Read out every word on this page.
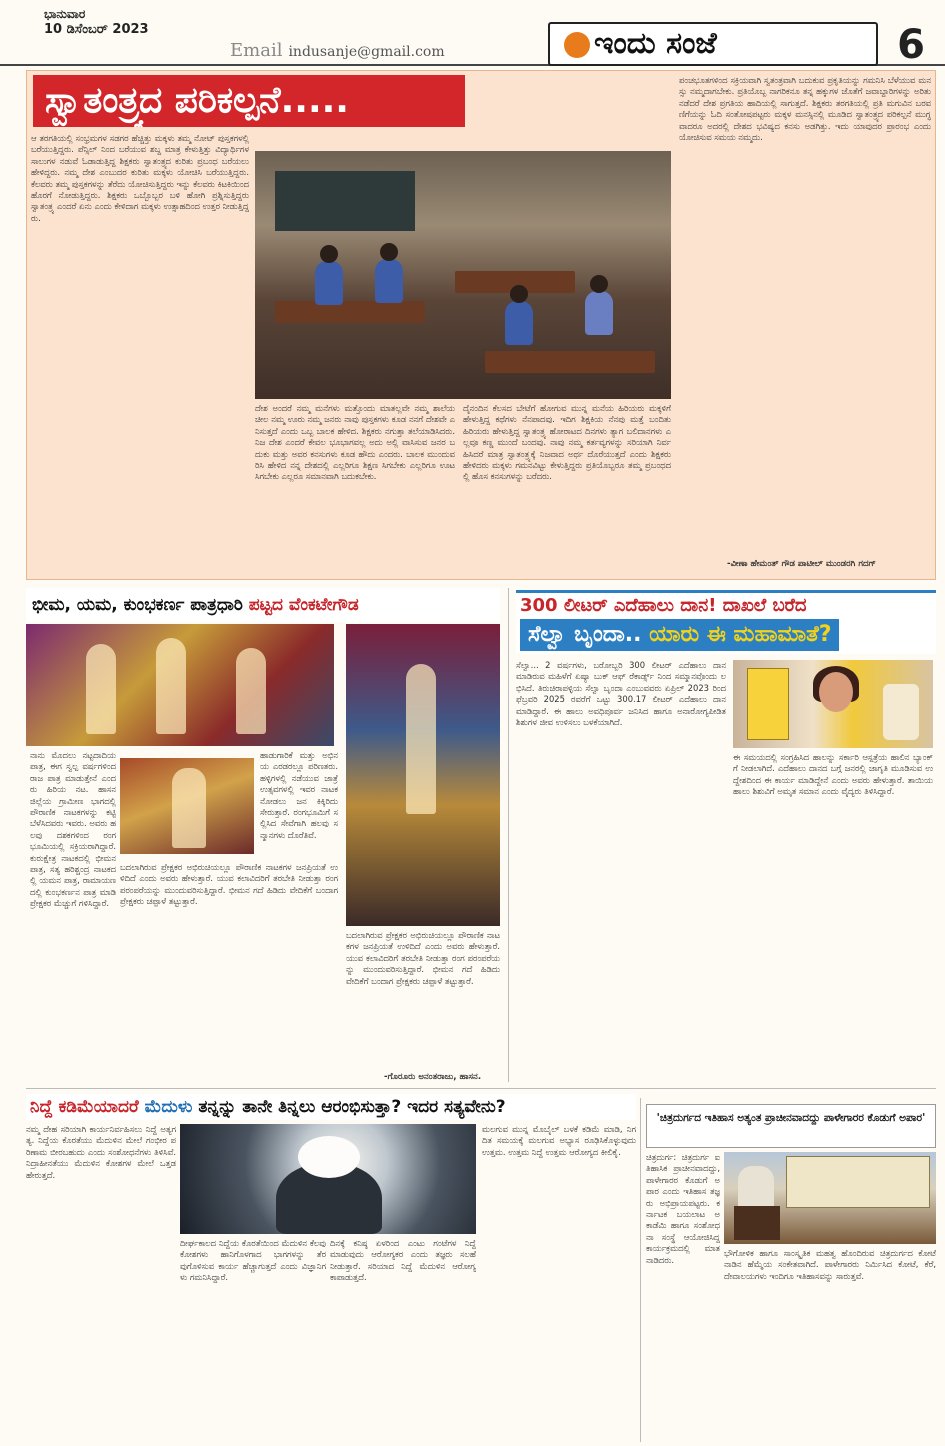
ಭಾನುವಾರ
10 ಡಿಸೆಂಬರ್ 2023
Email indusanje@gmail.com	ಇಂದು ಸಂಜೆ	6
ಸ್ವಾತಂತ್ರ್ಯದ ಪರಿಕಲ್ಪನೆ.....
ಆ ತರಗತಿಯಲ್ಲಿ ಸಂಭ್ರಮಗಳ ಸಡಗರ ಹೆಚ್ಚಿತ್ತು ಮಕ್ಕಳು ತಮ್ಮ ನೋಟ್ ಪುಸ್ತಕಗಳಲ್ಲಿ ಬರೆಯುತ್ತಿದ್ದರು. ಪೆನ್ಸಿಲ್ ನಿಂದ ಬರೆಯುವ ಶಬ್ದ ಮಾತ್ರ ಕೇಳುತ್ತಿತ್ತು ವಿದ್ಯಾರ್ಥಿಗಳ ಸಾಲುಗಳ ನಡುವೆ ಓಡಾಡುತ್ತಿದ್ದ ಶಿಕ್ಷಕರು ಸ್ವಾತಂತ್ರ್ಯದ ಕುರಿತು ಪ್ರಬಂಧ ಬರೆಯಲು ಹೇಳಿದ್ದರು. ನಮ್ಮ ದೇಶ ಎಂಬುದರ ಕುರಿತು ಮಕ್ಕಳು ಯೋಚಿಸಿ ಬರೆಯುತ್ತಿದ್ದರು. ಕೆಲವರು ತಮ್ಮ ಪುಸ್ತಕಗಳನ್ನು ತೆರೆದು ಯೋಚಿಸುತ್ತಿದ್ದರು ಇನ್ನು ಕೆಲವರು ಕಿಟಕಿಯಿಂದ ಹೊರಗೆ ನೋಡುತ್ತಿದ್ದರು. ಶಿಕ್ಷಕರು ಒಬ್ಬೊಬ್ಬರ ಬಳಿ ಹೋಗಿ ಪ್ರಶ್ನಿಸುತ್ತಿದ್ದರು ಸ್ವಾತಂತ್ರ್ಯ ಎಂದರೆ ಏನು ಎಂದು ಕೇಳಿದಾಗ ಮಕ್ಕಳು ಉತ್ಸಾಹದಿಂದ ಉತ್ತರ ನೀಡುತ್ತಿದ್ದರು.
ದೇಶ ಅಂದರೆ ನಮ್ಮ ಮನೆಗಳು ಮತ್ತೊಂದು ಮಾತಲ್ಲವೇ ನಮ್ಮ ಶಾಲೆಯ ಚೀಲ ನಮ್ಮ ಊರು ನಮ್ಮ ಜನರು ನಾವು ಪುಸ್ತಕಗಳು ಕೂಡ ನನಗೆ ದೇಶವೇ ಎನಿಸುತ್ತದೆ ಎಂದು ಒಬ್ಬ ಬಾಲಕ ಹೇಳಿದ. ಶಿಕ್ಷಕರು ನಗುತ್ತಾ ತಲೆಯಾಡಿಸಿದರು. ನಿಜ ದೇಶ ಎಂದರೆ ಕೇವಲ ಭೂಭಾಗವಲ್ಲ ಅದು ಅಲ್ಲಿ ವಾಸಿಸುವ ಜನರ ಬದುಕು ಮತ್ತು ಅವರ ಕನಸುಗಳು ಕೂಡ ಹೌದು ಎಂದರು. ಬಾಲಕ ಮುಂದುವರಿಸಿ ಹೇಳಿದ ನನ್ನ ದೇಶದಲ್ಲಿ ಎಲ್ಲರಿಗೂ ಶಿಕ್ಷಣ ಸಿಗಬೇಕು ಎಲ್ಲರಿಗೂ ಊಟ ಸಿಗಬೇಕು ಎಲ್ಲರೂ ಸಮಾನವಾಗಿ ಬದುಕಬೇಕು.
ದೈನಂದಿನ ಕೆಲಸದ ಬೇಟೆಗೆ ಹೋಗುವ ಮುನ್ನ ಮನೆಯ ಹಿರಿಯರು ಮಕ್ಕಳಿಗೆ ಹೇಳುತ್ತಿದ್ದ ಕಥೆಗಳು ನೆನಪಾದವು. ಇದಿಗ ಶಿಕ್ಷಕಿಯ ನೆನಪು ಮತ್ತೆ ಬಂದಿತು ಹಿರಿಯರು ಹೇಳುತ್ತಿದ್ದ ಸ್ವಾತಂತ್ರ್ಯ ಹೋರಾಟದ ದಿನಗಳು ತ್ಯಾಗ ಬಲಿದಾನಗಳು ಎಲ್ಲವೂ ಕಣ್ಣ ಮುಂದೆ ಬಂದವು. ನಾವು ನಮ್ಮ ಕರ್ತವ್ಯಗಳನ್ನು ಸರಿಯಾಗಿ ನಿರ್ವಹಿಸಿದರೆ ಮಾತ್ರ ಸ್ವಾತಂತ್ರ್ಯಕ್ಕೆ ನಿಜವಾದ ಅರ್ಥ ದೊರೆಯುತ್ತದೆ ಎಂದು ಶಿಕ್ಷಕರು ಹೇಳಿದರು ಮಕ್ಕಳು ಗಮನವಿಟ್ಟು ಕೇಳುತ್ತಿದ್ದರು ಪ್ರತಿಯೊಬ್ಬರೂ ತಮ್ಮ ಪ್ರಬಂಧದಲ್ಲಿ ಹೊಸ ಕನಸುಗಳನ್ನು ಬರೆದರು.
ಪಂಚಭೂತಗಳಿಂದ ಸಕ್ರಿಯವಾಗಿ ಸ್ವತಂತ್ರವಾಗಿ ಬದುಕುವ ಪ್ರಕೃತಿಯನ್ನು ಗಮನಿಸಿ ಬೆಳೆಯುವ ಮನಸ್ಸು ನಮ್ಮದಾಗಬೇಕು. ಪ್ರತಿಯೊಬ್ಬ ನಾಗರಿಕನೂ ತನ್ನ ಹಕ್ಕುಗಳ ಜೊತೆಗೆ ಜವಾಬ್ದಾರಿಗಳನ್ನು ಅರಿತು ನಡೆದರೆ ದೇಶ ಪ್ರಗತಿಯ ಹಾದಿಯಲ್ಲಿ ಸಾಗುತ್ತದೆ. ಶಿಕ್ಷಕರು ತರಗತಿಯಲ್ಲಿ ಪ್ರತಿ ಮಗುವಿನ ಬರವಣಿಗೆಯನ್ನು ಓದಿ ಸಂತೋಷಪಟ್ಟರು ಮಕ್ಕಳ ಮನಸ್ಸಿನಲ್ಲಿ ಮೂಡಿದ ಸ್ವಾತಂತ್ರ್ಯದ ಪರಿಕಲ್ಪನೆ ಮುಗ್ಧವಾದರೂ ಅದರಲ್ಲಿ ದೇಶದ ಭವಿಷ್ಯದ ಕನಸು ಅಡಗಿತ್ತು. ಇದು ಯಾವುದರ ಪ್ರಾರಂಭ ಎಂದು ಯೋಚಿಸುವ ಸಮಯ ನಮ್ಮದು.
-ವೀಣಾ ಹೇಮಂತ್ ಗೌಡ ಪಾಟೀಲ್ ಮುಂಡರಗಿ ಗದಗ್
ಭೀಮ, ಯಮ, ಕುಂಭಕರ್ಣ ಪಾತ್ರಧಾರಿ ಪಟ್ಟದ ವೆಂಕಟೇಗೌಡ
ನಾನು ಮೊದಲು ನಟ್ಟದಾದಿಯ ಪಾತ್ರ, ಈಗ ಸ್ವಲ್ಪ ವರ್ಷಗಳಿಂದ ರಾಜ ಪಾತ್ರ ಮಾಡುತ್ತೇನೆ ಎಂದರು ಹಿರಿಯ ನಟ. ಹಾಸನ ಜಿಲ್ಲೆಯ ಗ್ರಾಮೀಣ ಭಾಗದಲ್ಲಿ ಪೌರಾಣಿಕ ನಾಟಕಗಳನ್ನು ಕಟ್ಟಿ ಬೆಳೆಸಿದವರು ಇವರು. ಅವರು ಹಲವು ದಶಕಗಳಿಂದ ರಂಗಭೂಮಿಯಲ್ಲಿ ಸಕ್ರಿಯರಾಗಿದ್ದಾರೆ. ಕುರುಕ್ಷೇತ್ರ ನಾಟಕದಲ್ಲಿ ಭೀಮನ ಪಾತ್ರ, ಸತ್ಯ ಹರಿಶ್ಚಂದ್ರ ನಾಟಕದಲ್ಲಿ ಯಮನ ಪಾತ್ರ, ರಾಮಾಯಣದಲ್ಲಿ ಕುಂಭಕರ್ಣನ ಪಾತ್ರ ಮಾಡಿ ಪ್ರೇಕ್ಷಕರ ಮೆಚ್ಚುಗೆ ಗಳಿಸಿದ್ದಾರೆ.
ಹಾಡುಗಾರಿಕೆ ಮತ್ತು ಅಭಿನಯ ಎರಡರಲ್ಲೂ ಪರಿಣತರು. ಹಳ್ಳಿಗಳಲ್ಲಿ ನಡೆಯುವ ಜಾತ್ರೆ ಉತ್ಸವಗಳಲ್ಲಿ ಇವರ ನಾಟಕ ನೋಡಲು ಜನ ಕಿಕ್ಕಿರಿದು ಸೇರುತ್ತಾರೆ. ರಂಗಭೂಮಿಗೆ ಸಲ್ಲಿಸಿದ ಸೇವೆಗಾಗಿ ಹಲವು ಸನ್ಮಾನಗಳು ದೊರೆತಿವೆ.
ಬದಲಾಗಿರುವ ಪ್ರೇಕ್ಷಕರ ಅಭಿರುಚಿಯಲ್ಲೂ ಪೌರಾಣಿಕ ನಾಟಕಗಳ ಜನಪ್ರಿಯತೆ ಉಳಿದಿದೆ ಎಂದು ಅವರು ಹೇಳುತ್ತಾರೆ. ಯುವ ಕಲಾವಿದರಿಗೆ ತರಬೇತಿ ನೀಡುತ್ತಾ ರಂಗ ಪರಂಪರೆಯನ್ನು ಮುಂದುವರಿಸುತ್ತಿದ್ದಾರೆ. ಭೀಮನ ಗದೆ ಹಿಡಿದು ವೇದಿಕೆಗೆ ಬಂದಾಗ ಪ್ರೇಕ್ಷಕರು ಚಪ್ಪಾಳೆ ತಟ್ಟುತ್ತಾರೆ.
ಬದಲಾಗಿರುವ ಪ್ರೇಕ್ಷಕರ ಅಭಿರುಚಿಯಲ್ಲೂ ಪೌರಾಣಿಕ ನಾಟಕಗಳ ಜನಪ್ರಿಯತೆ ಉಳಿದಿದೆ ಎಂದು ಅವರು ಹೇಳುತ್ತಾರೆ. ಯುವ ಕಲಾವಿದರಿಗೆ ತರಬೇತಿ ನೀಡುತ್ತಾ ರಂಗ ಪರಂಪರೆಯನ್ನು ಮುಂದುವರಿಸುತ್ತಿದ್ದಾರೆ. ಭೀಮನ ಗದೆ ಹಿಡಿದು ವೇದಿಕೆಗೆ ಬಂದಾಗ ಪ್ರೇಕ್ಷಕರು ಚಪ್ಪಾಳೆ ತಟ್ಟುತ್ತಾರೆ.
-ಗೊರೂರು ಅನಂತರಾಜು, ಹಾಸನ.
300 ಲೀಟರ್ ಎದೆಹಾಲು ದಾನ! ದಾಖಲೆ ಬರೆದ
ಸೆಲ್ವಾ ಬೃಂದಾ.. ಯಾರು ಈ ಮಹಾಮಾತೆ?
ಸೆಲ್ವಾ... 2 ವರ್ಷಗಳು, ಬರೋಬ್ಬರಿ 300 ಲೀಟರ್ ಎದೆಹಾಲು ದಾನ ಮಾಡಿರುವ ಮಹಿಳೆಗೆ ಏಷ್ಯಾ ಬುಕ್ ಆಫ್ ರೆಕಾರ್ಡ್ಸ್ ನಿಂದ ಸಮ್ಮಾನವೊಂದು ಲಭಿಸಿದೆ. ತಿರುಚಿರಾಪಳ್ಳಿಯ ಸೆಲ್ವಾ ಬೃಂದಾ ಎಂಬುವವರು ಏಪ್ರಿಲ್ 2023 ರಿಂದ ಫೆಬ್ರವರಿ 2025 ರವರೆಗೆ ಒಟ್ಟು 300.17 ಲೀಟರ್ ಎದೆಹಾಲು ದಾನ ಮಾಡಿದ್ದಾರೆ. ಈ ಹಾಲು ಅವಧಿಪೂರ್ವ ಜನಿಸಿದ ಹಾಗೂ ಅನಾರೋಗ್ಯಪೀಡಿತ ಶಿಶುಗಳ ಜೀವ ಉಳಿಸಲು ಬಳಕೆಯಾಗಿದೆ.
ಈ ಸಮಯದಲ್ಲಿ ಸಂಗ್ರಹಿಸಿದ ಹಾಲನ್ನು ಸರ್ಕಾರಿ ಆಸ್ಪತ್ರೆಯ ಹಾಲಿನ ಬ್ಯಾಂಕ್ ಗೆ ನೀಡಲಾಗಿದೆ. ಎದೆಹಾಲು ದಾನದ ಬಗ್ಗೆ ಜನರಲ್ಲಿ ಜಾಗೃತಿ ಮೂಡಿಸುವ ಉದ್ದೇಶದಿಂದ ಈ ಕಾರ್ಯ ಮಾಡಿದ್ದೇನೆ ಎಂದು ಅವರು ಹೇಳುತ್ತಾರೆ. ತಾಯಿಯ ಹಾಲು ಶಿಶುವಿಗೆ ಅಮೃತ ಸಮಾನ ಎಂದು ವೈದ್ಯರು ತಿಳಿಸಿದ್ದಾರೆ.
ನಿದ್ದೆ ಕಡಿಮೆಯಾದರೆ ಮೆದುಳು ತನ್ನನ್ನು ತಾನೇ ತಿನ್ನಲು ಆರಂಭಿಸುತ್ತಾ? ಇದರ ಸತ್ಯವೇನು?
ನಮ್ಮ ದೇಹ ಸರಿಯಾಗಿ ಕಾರ್ಯನಿರ್ವಹಿಸಲು ನಿದ್ದೆ ಅತ್ಯಗತ್ಯ. ನಿದ್ದೆಯ ಕೊರತೆಯು ಮೆದುಳಿನ ಮೇಲೆ ಗಂಭೀರ ಪರಿಣಾಮ ಬೀರಬಹುದು ಎಂದು ಸಂಶೋಧನೆಗಳು ತಿಳಿಸಿವೆ. ನಿದ್ರಾಹೀನತೆಯು ಮೆದುಳಿನ ಕೋಶಗಳ ಮೇಲೆ ಒತ್ತಡ ಹೇರುತ್ತದೆ.
ದೀರ್ಘಕಾಲದ ನಿದ್ದೆಯ ಕೊರತೆಯಿಂದ ಮೆದುಳಿನ ಕೆಲವು ಕೋಶಗಳು ಹಾನಿಗೊಳಗಾದ ಭಾಗಗಳನ್ನು ತೆರವುಗೊಳಿಸುವ ಕಾರ್ಯ ಹೆಚ್ಚಾಗುತ್ತದೆ ಎಂದು ವಿಜ್ಞಾನಿಗಳು ಗಮನಿಸಿದ್ದಾರೆ.
ದಿನಕ್ಕೆ ಕನಿಷ್ಠ ಏಳರಿಂದ ಎಂಟು ಗಂಟೆಗಳ ನಿದ್ದೆ ಮಾಡುವುದು ಆರೋಗ್ಯಕರ ಎಂದು ತಜ್ಞರು ಸಲಹೆ ನೀಡುತ್ತಾರೆ. ಸರಿಯಾದ ನಿದ್ದೆ ಮೆದುಳಿನ ಆರೋಗ್ಯ ಕಾಪಾಡುತ್ತದೆ.
ಮಲಗುವ ಮುನ್ನ ಮೊಬೈಲ್ ಬಳಕೆ ಕಡಿಮೆ ಮಾಡಿ, ನಿಗದಿತ ಸಮಯಕ್ಕೆ ಮಲಗುವ ಅಭ್ಯಾಸ ರೂಢಿಸಿಕೊಳ್ಳುವುದು ಉತ್ತಮ. ಉತ್ತಮ ನಿದ್ದೆ ಉತ್ತಮ ಆರೋಗ್ಯದ ಕೀಲಿಕೈ.
'ಚಿತ್ರದುರ್ಗದ ಇತಿಹಾಸ ಅತ್ಯಂತ ಪ್ರಾಚೀನವಾದದ್ದು ಪಾಳೇಗಾರರ ಕೊಡುಗೆ ಅಪಾರ'
ಚಿತ್ರದುರ್ಗ: ಚಿತ್ರದುರ್ಗ ಐತಿಹಾಸಿಕ ಪ್ರಾಚೀನವಾದದ್ದು, ಪಾಳೇಗಾರರ ಕೊಡುಗೆ ಅಪಾರ ಎಂದು ಇತಿಹಾಸ ತಜ್ಞರು ಅಭಿಪ್ರಾಯಪಟ್ಟರು. ಕರ್ನಾಟಕ ಬಯಲಾಟ ಅಕಾಡೆಮಿ ಹಾಗೂ ಸಂಶೋಧನಾ ಸಂಸ್ಥೆ ಆಯೋಜಿಸಿದ್ದ ಕಾರ್ಯಕ್ರಮದಲ್ಲಿ ಮಾತನಾಡಿದರು.
ಭೌಗೋಳಿಕ ಹಾಗೂ ಸಾಂಸ್ಕೃತಿಕ ಮಹತ್ವ ಹೊಂದಿರುವ ಚಿತ್ರದುರ್ಗದ ಕೋಟೆ ನಾಡಿನ ಹೆಮ್ಮೆಯ ಸಂಕೇತವಾಗಿದೆ. ಪಾಳೇಗಾರರು ನಿರ್ಮಿಸಿದ ಕೋಟೆ, ಕೆರೆ, ದೇವಾಲಯಗಳು ಇಂದಿಗೂ ಇತಿಹಾಸವನ್ನು ಸಾರುತ್ತವೆ.
